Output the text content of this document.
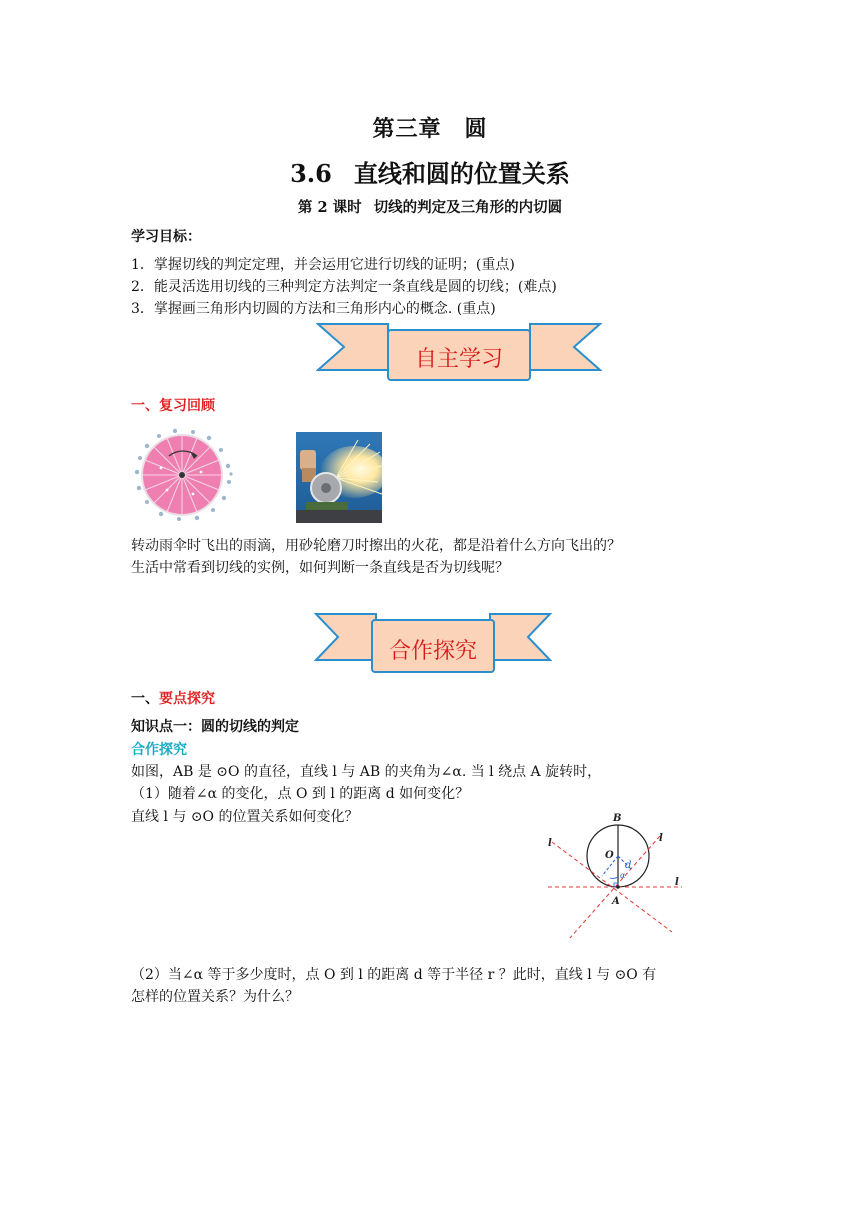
第三章　圆
3.6 直线和圆的位置关系
第 2 课时 切线的判定及三角形的内切圆
学习目标：
1．掌握切线的判定定理，并会运用它进行切线的证明；(重点)
2．能灵活选用切线的三种判定方法判定一条直线是圆的切线；(难点)
3．掌握画三角形内切圆的方法和三角形内心的概念. (重点)
自主学习
一、复习回顾
转动雨伞时飞出的雨滴，用砂轮磨刀时擦出的火花，都是沿着什么方向飞出的？
生活中常看到切线的实例，如何判断一条直线是否为切线呢？
合作探究
一、要点探究
知识点一：圆的切线的判定
合作探究
如图，AB 是 ⊙O 的直径，直线 l 与 AB 的夹角为∠α. 当 l 绕点 A 旋转时，
（1）随着∠α 的变化，点 O 到 l 的距离 d 如何变化？
直线 l 与 ⊙O 的位置关系如何变化？	B
O
A
d
α
l	l
l
（2）当∠α 等于多少度时，点 O 到 l 的距离 d 等于半径 r ？此时，直线 l 与 ⊙O 有
怎样的位置关系？为什么？
